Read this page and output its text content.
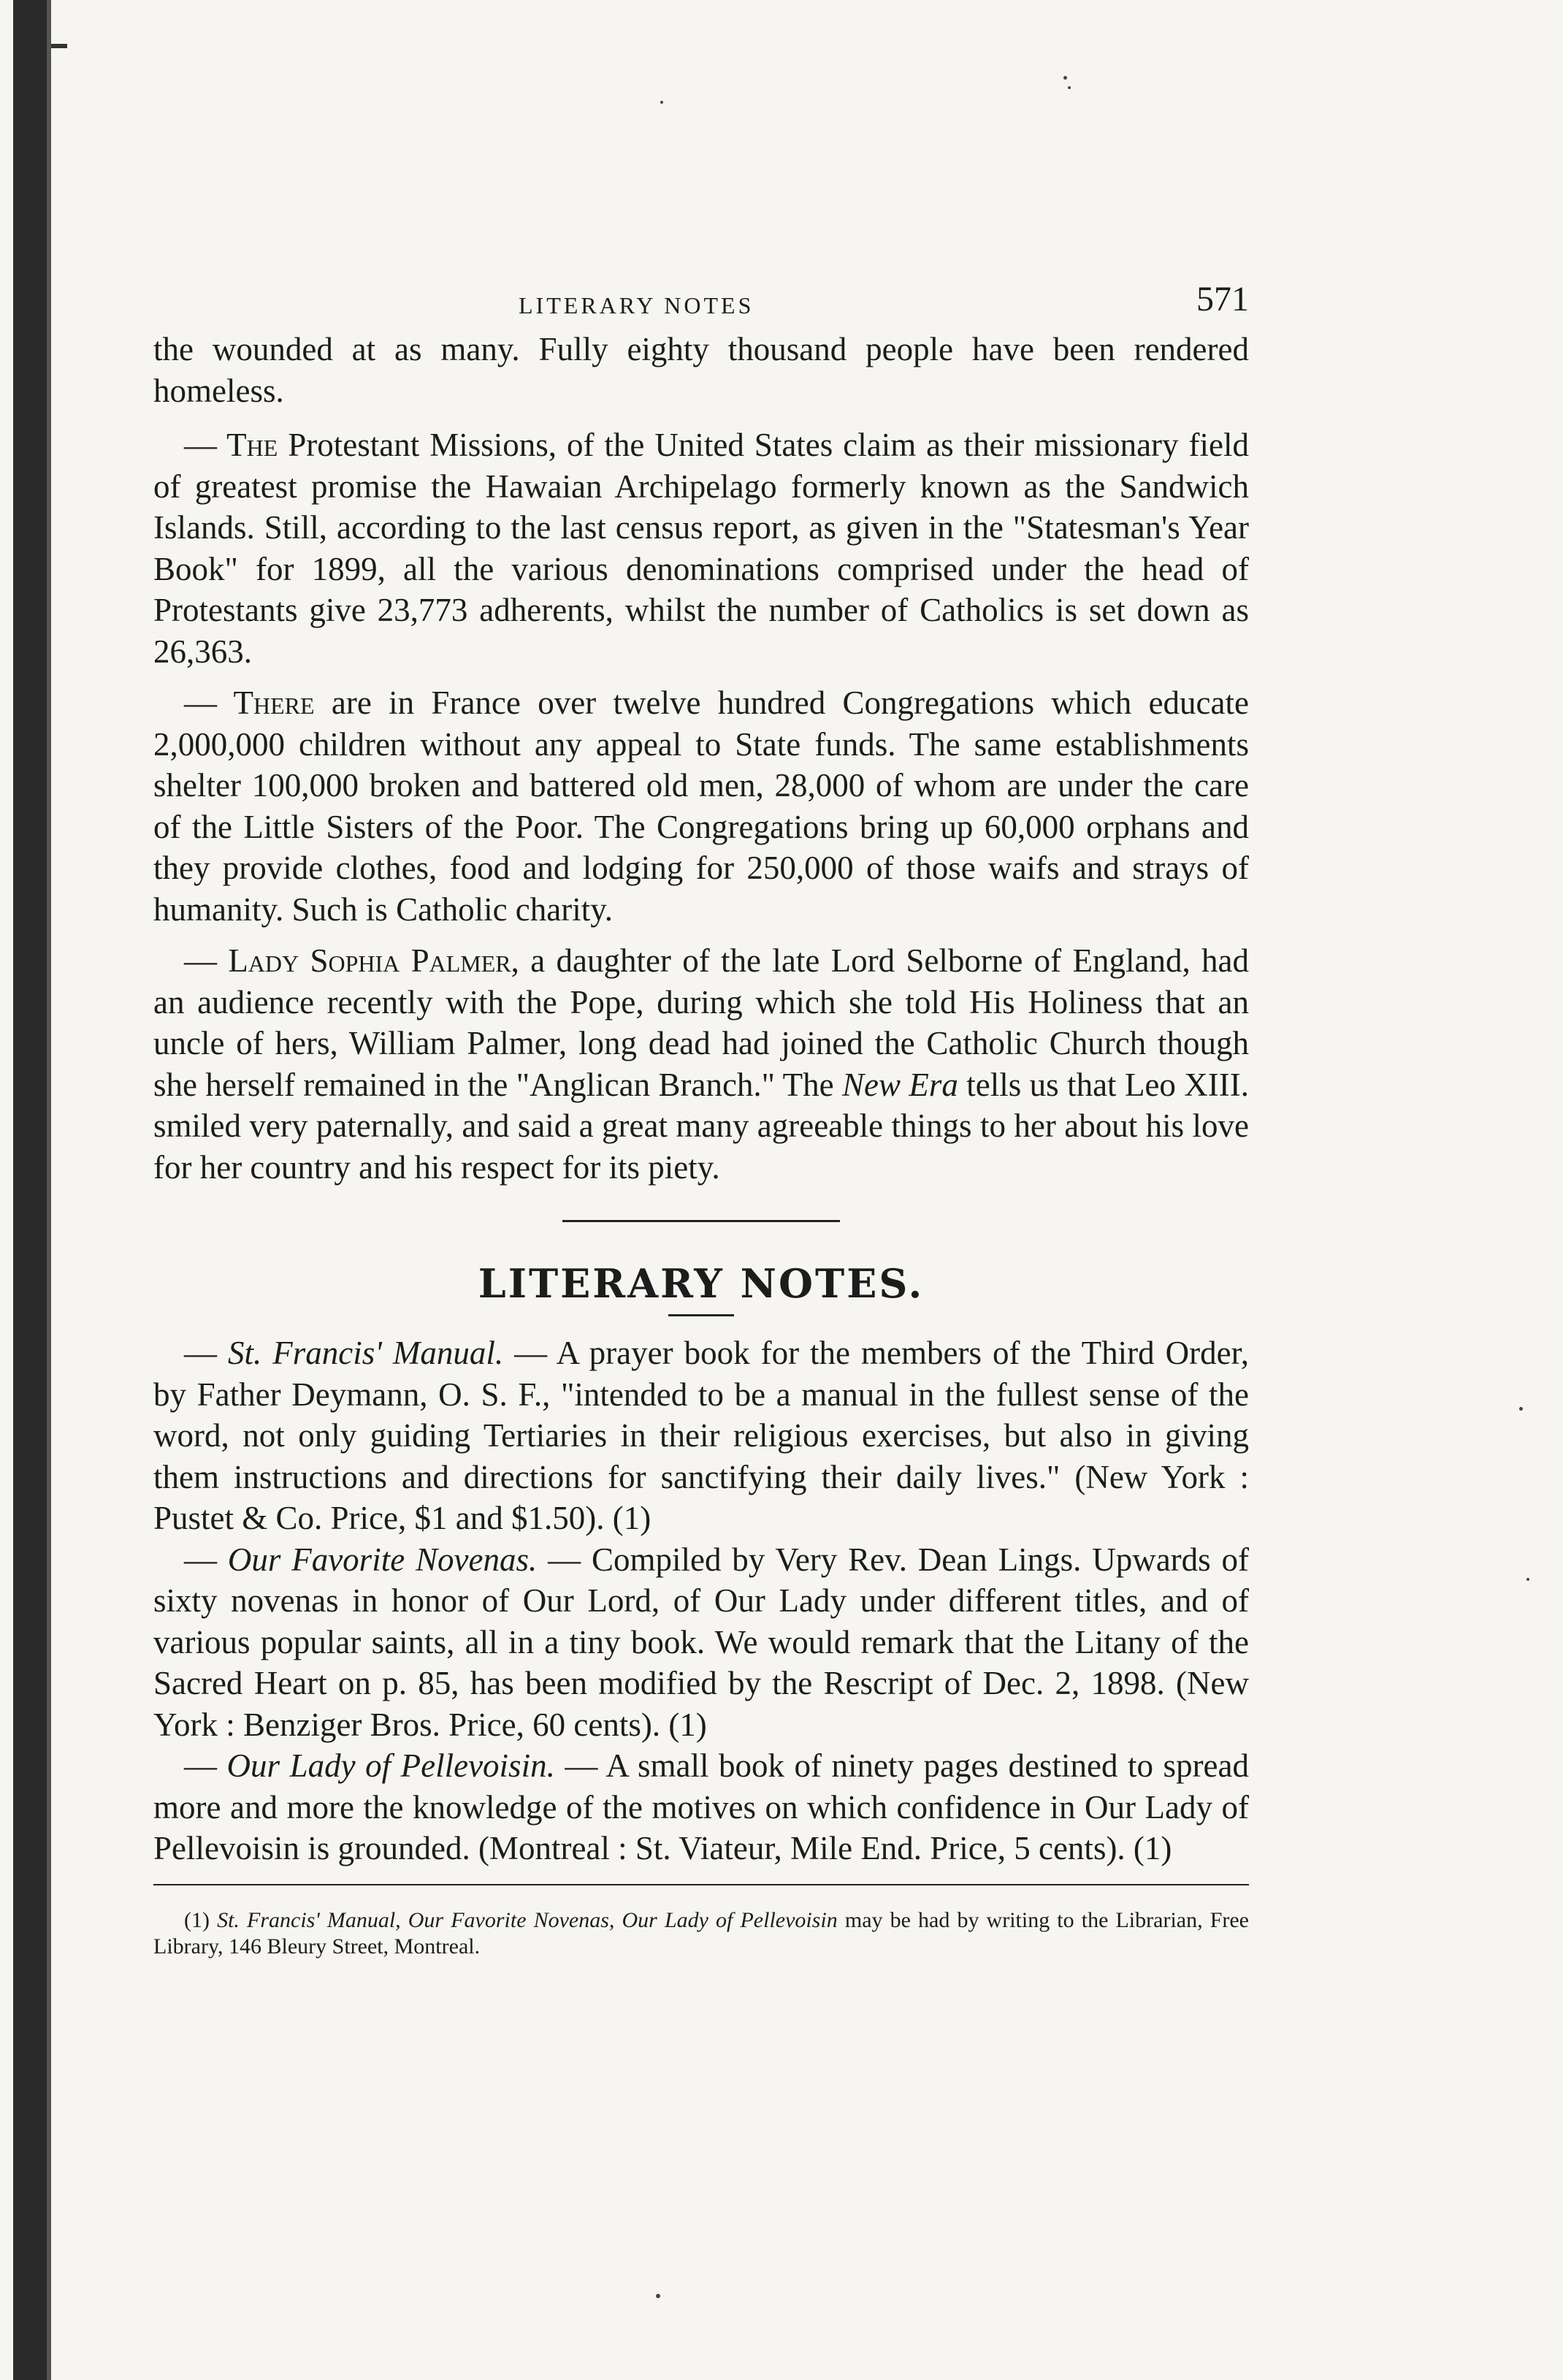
LITERARY NOTES	571

the wounded at as many. Fully eighty thousand people have been rendered homeless.

— The Protestant Missions, of the United States claim as their missionary field of greatest promise the Hawaian Archipelago formerly known as the Sandwich Islands. Still, according to the last census report, as given in the "Statesman's Year Book" for 1899, all the various denominations comprised under the head of Protestants give 23,773 adherents, whilst the number of Catholics is set down as 26,363.

— There are in France over twelve hundred Congregations which educate 2,000,000 children without any appeal to State funds. The same establishments shelter 100,000 broken and battered old men, 28,000 of whom are under the care of the Little Sisters of the Poor. The Congregations bring up 60,000 orphans and they provide clothes, food and lodging for 250,000 of those waifs and strays of humanity. Such is Catholic charity.

— Lady Sophia Palmer, a daughter of the late Lord Selborne of England, had an audience recently with the Pope, during which she told His Holiness that an uncle of hers, William Palmer, long dead had joined the Catholic Church though she herself remained in the "Anglican Branch." The New Era tells us that Leo XIII. smiled very paternally, and said a great many agreeable things to her about his love for her country and his respect for its piety.

LITERARY NOTES.

— St. Francis' Manual. — A prayer book for the members of the Third Order, by Father Deymann, O. S. F., "intended to be a manual in the fullest sense of the word, not only guiding Tertiaries in their religious exercises, but also in giving them instructions and directions for sanctifying their daily lives." (New York : Pustet & Co. Price, $1 and $1.50). (1)

— Our Favorite Novenas. — Compiled by Very Rev. Dean Lings. Upwards of sixty novenas in honor of Our Lord, of Our Lady under different titles, and of various popular saints, all in a tiny book. We would remark that the Litany of the Sacred Heart on p. 85, has been modified by the Rescript of Dec. 2, 1898. (New York : Benziger Bros. Price, 60 cents). (1)

— Our Lady of Pellevoisin. — A small book of ninety pages destined to spread more and more the knowledge of the motives on which confidence in Our Lady of Pellevoisin is grounded. (Montreal : St. Viateur, Mile End. Price, 5 cents). (1)

(1) St. Francis' Manual, Our Favorite Novenas, Our Lady of Pellevoisin may be had by writing to the Librarian, Free Library, 146 Bleury Street, Montreal.
